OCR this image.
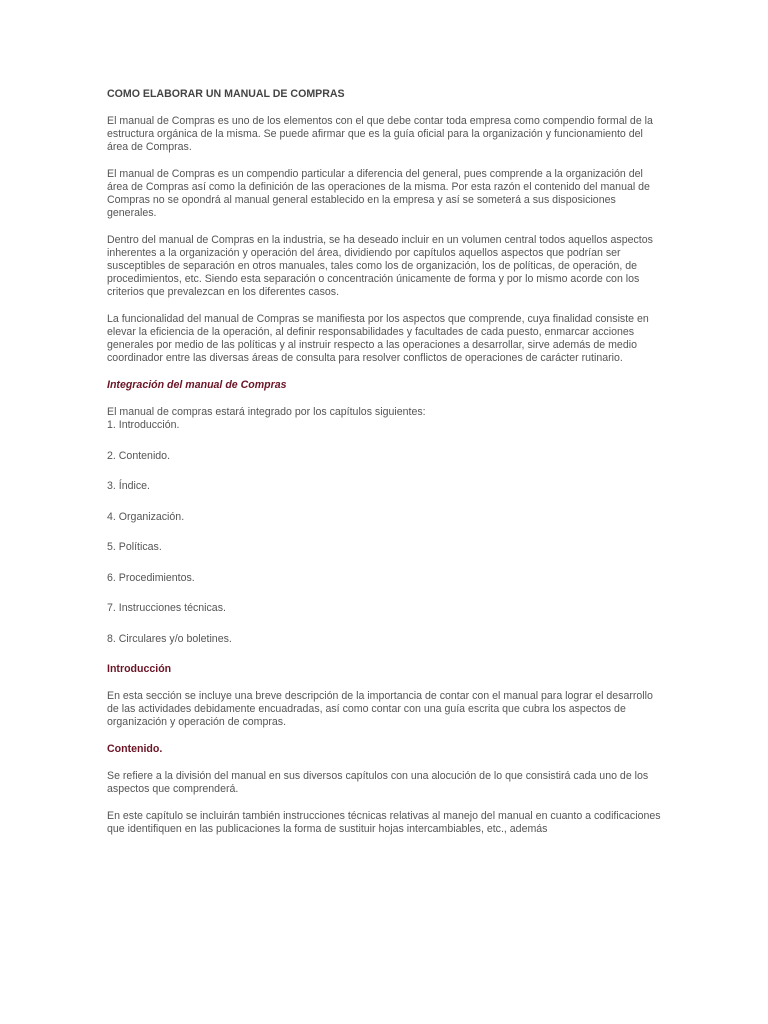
COMO ELABORAR UN MANUAL DE COMPRAS

El manual de Compras es uno de los elementos con el que debe contar toda empresa como compendio formal de la estructura orgánica de la misma. Se puede afirmar que es la guía oficial para la organización y funcionamiento del área de Compras.

El manual de Compras es un compendio particular a diferencia del general, pues comprende a la organización del área de Compras así como la definición de las operaciones de la misma. Por esta razón el contenido del manual de Compras no se opondrá al manual general establecido en la empresa y así se someterá a sus disposiciones generales.

Dentro del manual de Compras en la industria, se ha deseado incluir en un volumen central todos aquellos aspectos inherentes a la organización y operación del área, dividiendo por capítulos aquellos aspectos que podrían ser susceptibles de separación en otros manuales, tales como los de organización, los de políticas, de operación, de procedimientos, etc. Siendo esta separación o concentración únicamente de forma y por lo mismo acorde con los criterios que prevalezcan en los diferentes casos.

La funcionalidad del manual de Compras se manifiesta por los aspectos que comprende, cuya finalidad consiste en elevar la eficiencia de la operación, al definir responsabilidades y facultades de cada puesto, enmarcar acciones generales por medio de las políticas y al instruir respecto a las operaciones a desarrollar, sirve además de medio coordinador entre las diversas áreas de consulta para resolver conflictos de operaciones de carácter rutinario.

Integración del manual de Compras

El manual de compras estará integrado por los capítulos siguientes:

1. Introducción.
2. Contenido.
3. Índice.
4. Organización.
5. Políticas.
6. Procedimientos.
7. Instrucciones técnicas.
8. Circulares y/o boletines.
Introducción

En esta sección se incluye una breve descripción de la importancia de contar con el manual para lograr el desarrollo de las actividades debidamente encuadradas, así como contar con una guía escrita que cubra los aspectos de organización y operación de compras.

Contenido.

Se refiere a la división del manual en sus diversos capítulos con una alocución de lo que consistirá cada uno de los aspectos que comprenderá.

En este capítulo se incluirán también instrucciones técnicas relativas al manejo del manual en cuanto a codificaciones que identifiquen en las publicaciones la forma de sustituir hojas intercambiables, etc., además
